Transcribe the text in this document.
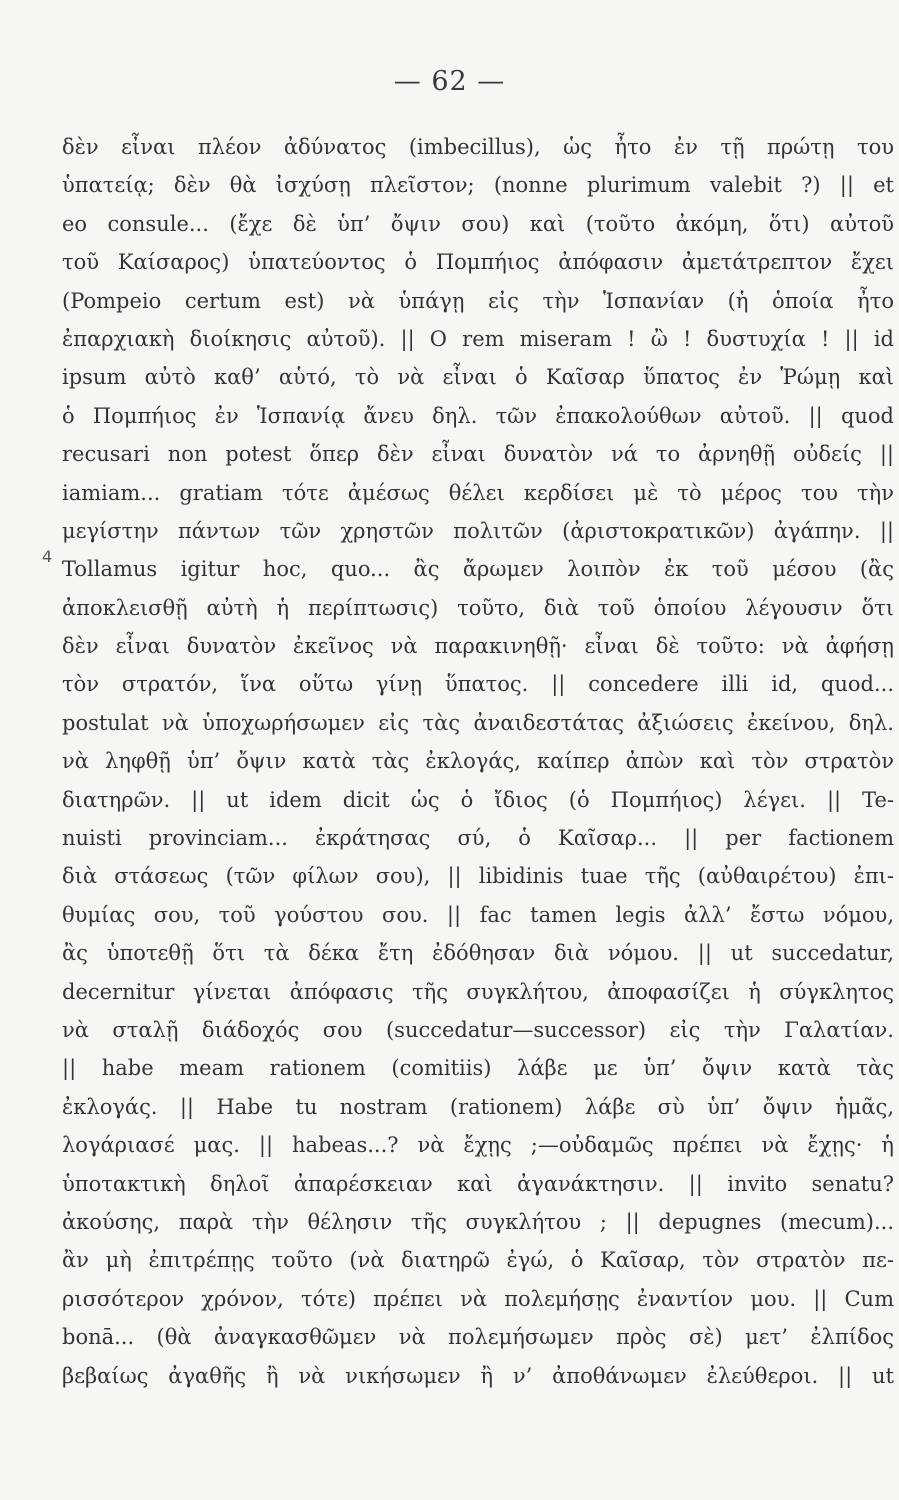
— 62 —
4
δὲν εἶναι πλέον ἀδύνατος (imbecillus), ὡς ἦτο ἐν τῇ πρώτῃ του
ὑπατείᾳ; δὲν θὰ ἰσχύσῃ πλεῖστον; (nonne plurimum valebit ?) || et
eo consule... (ἔχε δὲ ὑπ’ ὄψιν σου) καὶ (τοῦτο ἀκόμη, ὅτι) αὐτοῦ
τοῦ Καίσαρος) ὑπατεύοντος ὁ Πομπήιος ἀπόφασιν ἀμετάτρεπτον ἔχει
(Pompeio certum est) νὰ ὑπάγῃ εἰς τὴν Ἱσπανίαν (ἡ ὁποία ἦτο
ἐπαρχιακὴ διοίκησις αὐτοῦ). || O rem miseram ! ὢ ! δυστυχία ! || id
ipsum αὐτὸ καθ’ αὑτό, τὸ νὰ εἶναι ὁ Καῖσαρ ὕπατος ἐν Ῥώμῃ καὶ
ὁ Πομπήιος ἐν Ἱσπανίᾳ ἄνευ δηλ. τῶν ἐπακολούθων αὐτοῦ. || quod
recusari non potest ὅπερ δὲν εἶναι δυνατὸν νά το ἀρνηθῇ οὐδείς ||
iamiam... gratiam τότε ἀμέσως θέλει κερδίσει μὲ τὸ μέρος του τὴν
μεγίστην πάντων τῶν χρηστῶν πολιτῶν (ἀριστοκρατικῶν) ἀγάπην. ||
Tollamus igitur hoc, quo... ἂς ἄρωμεν λοιπὸν ἐκ τοῦ μέσου (ἂς
ἀποκλεισθῇ αὐτὴ ἡ περίπτωσις) τοῦτο, διὰ τοῦ ὁποίου λέγουσιν ὅτι
δὲν εἶναι δυνατὸν ἐκεῖνος νὰ παρακινηθῇ· εἶναι δὲ τοῦτο: νὰ ἀφήσῃ
τὸν στρατόν, ἵνα οὕτω γίνῃ ὕπατος. || concedere illi id, quod...
postulat νὰ ὑποχωρήσωμεν εἰς τὰς ἀναιδεστάτας ἀξιώσεις ἐκείνου, δηλ.
νὰ ληφθῇ ὑπ’ ὄψιν κατὰ τὰς ἐκλογάς, καίπερ ἀπὼν καὶ τὸν στρατὸν
διατηρῶν. || ut idem dicit ὡς ὁ ἴδιος (ὁ Πομπήιος) λέγει. || Te-
nuisti provinciam... ἐκράτησας σύ, ὁ Καῖσαρ... || per factionem
διὰ στάσεως (τῶν φίλων σου), || libidinis tuae τῆς (αὐθαιρέτου) ἐπι-
θυμίας σου, τοῦ γούστου σου. || fac tamen legis ἀλλ’ ἔστω νόμου,
ἂς ὑποτεθῇ ὅτι τὰ δέκα ἔτη ἐδόθησαν διὰ νόμου. || ut succedatur,
decernitur γίνεται ἀπόφασις τῆς συγκλήτου, ἀποφασίζει ἡ σύγκλητος
νὰ σταλῇ διάδοχός σου (succedatur—successor) εἰς τὴν Γαλατίαν.
|| habe meam rationem (comitiis) λάβε με ὑπ’ ὄψιν κατὰ τὰς
ἐκλογάς. || Habe tu nostram (rationem) λάβε σὺ ὑπ’ ὄψιν ἡμᾶς,
λογάριασέ μας. || habeas...? νὰ ἔχῃς ;—οὐδαμῶς πρέπει νὰ ἔχῃς· ἡ
ὑποτακτικὴ δηλοῖ ἀπαρέσκειαν καὶ ἀγανάκτησιν. || invito senatu?
ἀκούσης, παρὰ τὴν θέλησιν τῆς συγκλήτου ; || depugnes (mecum)...
ἂν μὴ ἐπιτρέπῃς τοῦτο (νὰ διατηρῶ ἐγώ, ὁ Καῖσαρ, τὸν στρατὸν πε-
ρισσότερον χρόνον, τότε) πρέπει νὰ πολεμήσῃς ἐναντίον μου. || Cum
bonā... (θὰ ἀναγκασθῶμεν νὰ πολεμήσωμεν πρὸς σὲ) μετ’ ἐλπίδος
βεβαίως ἀγαθῆς ἢ νὰ νικήσωμεν ἢ ν’ ἀποθάνωμεν ἐλεύθεροι. || ut
